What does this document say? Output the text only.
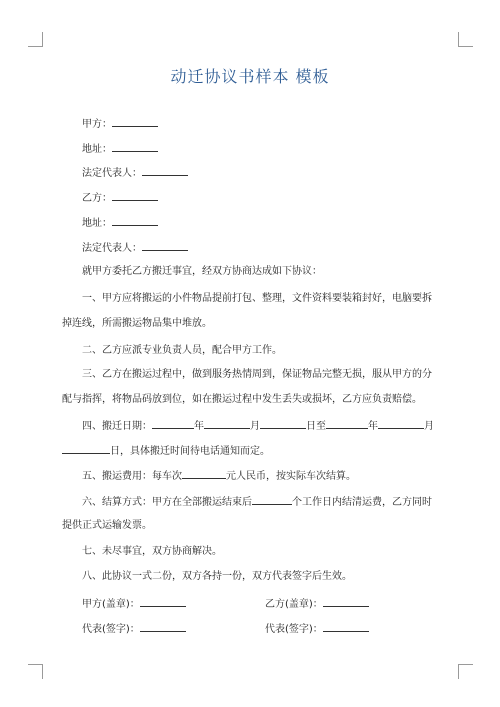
动迁协议书样本 模板
甲方：
地址：
法定代表人：
乙方：
地址：
法定代表人：
就甲方委托乙方搬迁事宜，经双方协商达成如下协议：
一、甲方应将搬运的小件物品提前打包、整理，文件资料要装箱封好，电脑要拆
掉连线，所需搬运物品集中堆放。
二、乙方应派专业负责人员，配合甲方工作。
三、乙方在搬运过程中，做到服务热情周到，保证物品完整无损，服从甲方的分
配与指挥，将物品码放到位，如在搬运过程中发生丢失或损坏，乙方应负责赔偿。
四、搬迁日期：	年	月	日至	年	月
日，具体搬迁时间待电话通知而定。
五、搬运费用：每车次	元人民币，按实际车次结算。
六、结算方式：甲方在全部搬运结束后	个工作日内结清运费，乙方同时
提供正式运输发票。
七、未尽事宜，双方协商解决。
八、此协议一式二份，双方各持一份，双方代表签字后生效。
甲方(盖章)：	乙方(盖章)：
代表(签字)：	代表(签字)：
